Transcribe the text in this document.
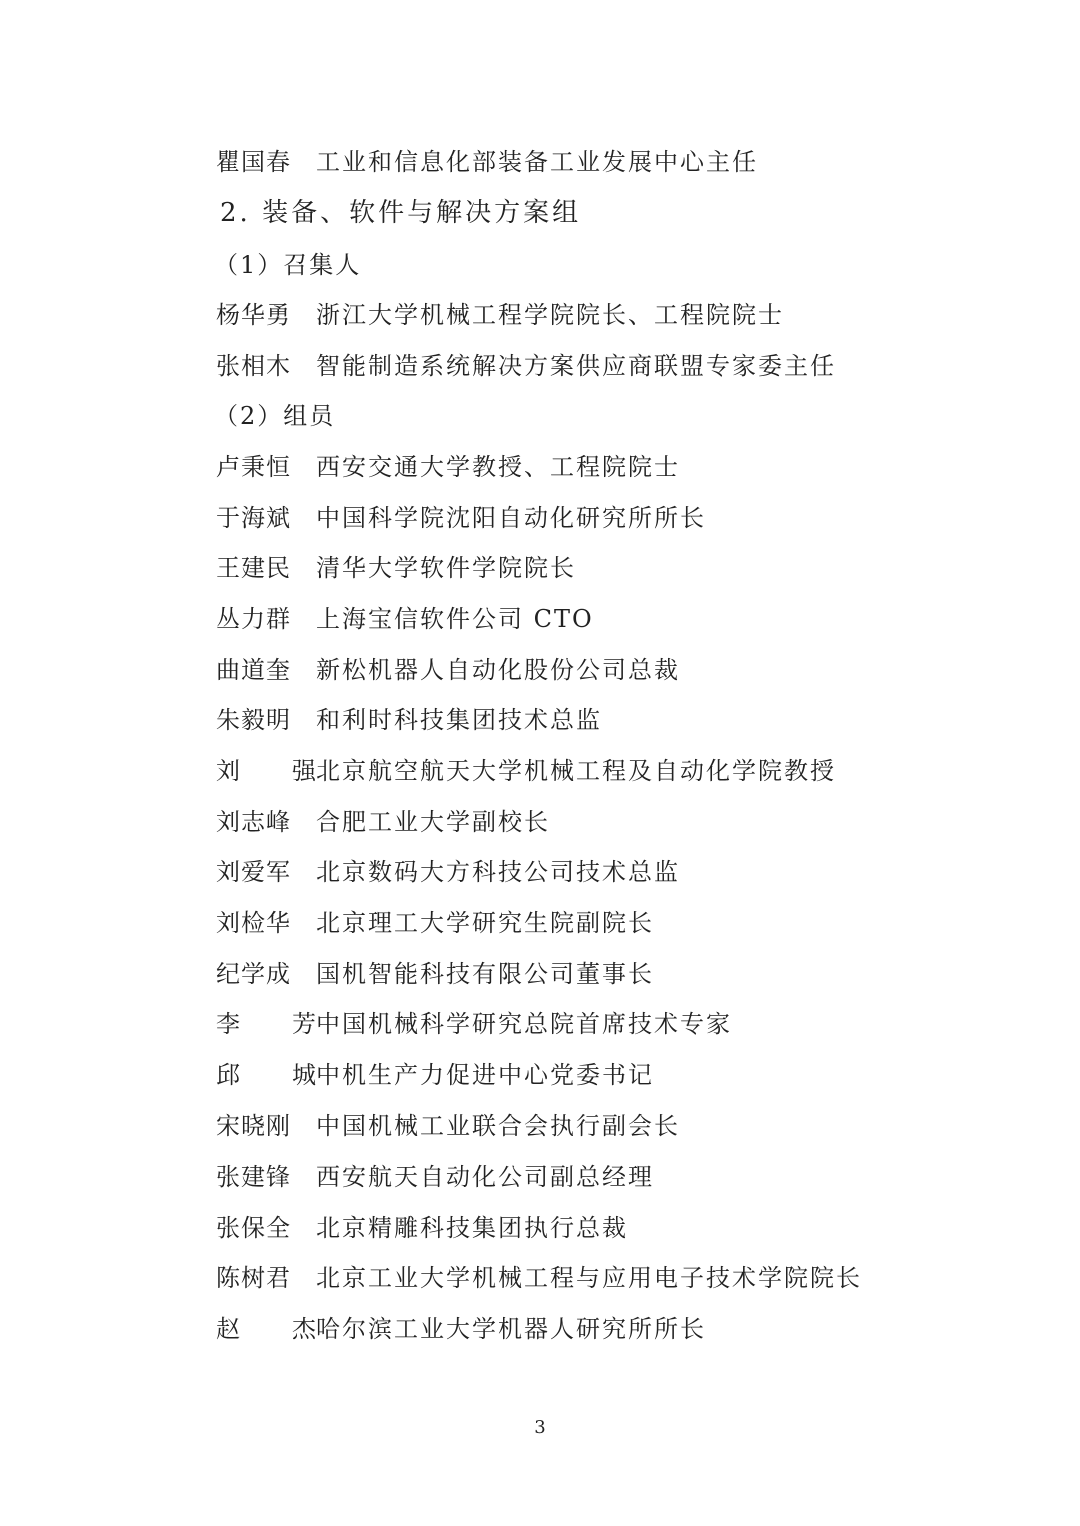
瞿国春 工业和信息化部装备工业发展中心主任
2. 装备、软件与解决方案组
（1）召集人
杨华勇 浙江大学机械工程学院院长、工程院院士
张相木 智能制造系统解决方案供应商联盟专家委主任
（2）组员
卢秉恒 西安交通大学教授、工程院院士
于海斌 中国科学院沈阳自动化研究所所长
王建民 清华大学软件学院院长
丛力群 上海宝信软件公司 CTO
曲道奎 新松机器人自动化股份公司总裁
朱毅明 和利时科技集团技术总监
刘 强北京航空航天大学机械工程及自动化学院教授
刘志峰 合肥工业大学副校长
刘爱军 北京数码大方科技公司技术总监
刘检华 北京理工大学研究生院副院长
纪学成 国机智能科技有限公司董事长
李 芳中国机械科学研究总院首席技术专家
邱 城中机生产力促进中心党委书记
宋晓刚 中国机械工业联合会执行副会长
张建锋 西安航天自动化公司副总经理
张保全 北京精雕科技集团执行总裁
陈树君 北京工业大学机械工程与应用电子技术学院院长
赵 杰哈尔滨工业大学机器人研究所所长
3
